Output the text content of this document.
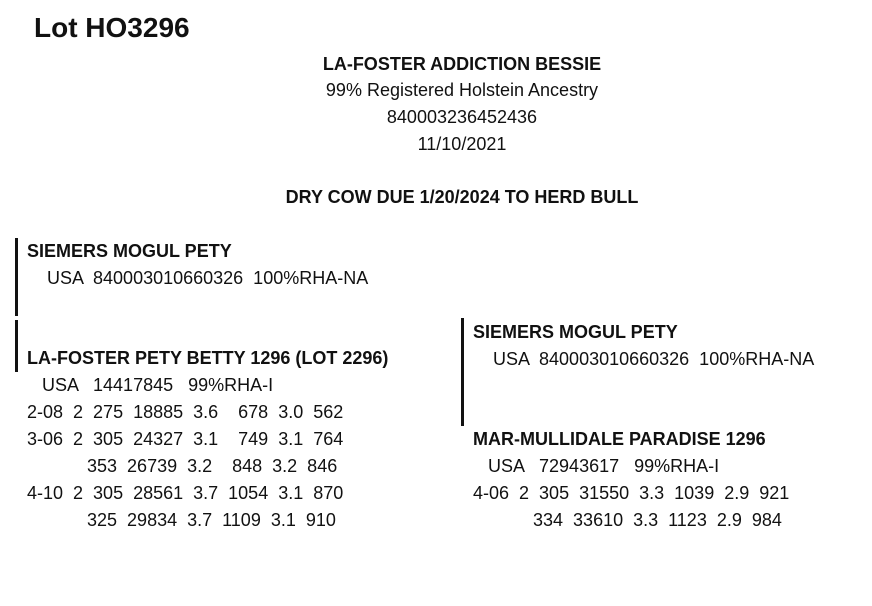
Lot HO3296
LA-FOSTER ADDICTION BESSIE
99% Registered Holstein Ancestry
840003236452436
11/10/2021
DRY COW DUE 1/20/2024 TO HERD BULL
SIEMERS MOGUL PETY
USA  840003010660326  100%RHA-NA
LA-FOSTER PETY BETTY 1296 (LOT 2296)
USA   14417845   99%RHA-I
2-08  2  275  18885  3.6    678  3.0  562
3-06  2  305  24327  3.1    749  3.1  764
353  26739  3.2    848  3.2  846
4-10  2  305  28561  3.7  1054  3.1  870
325  29834  3.7  1109  3.1  910
SIEMERS MOGUL PETY
USA  840003010660326  100%RHA-NA
MAR-MULLIDALE PARADISE 1296
USA   72943617   99%RHA-I
4-06  2  305  31550  3.3  1039  2.9  921
334  33610  3.3  1123  2.9  984
